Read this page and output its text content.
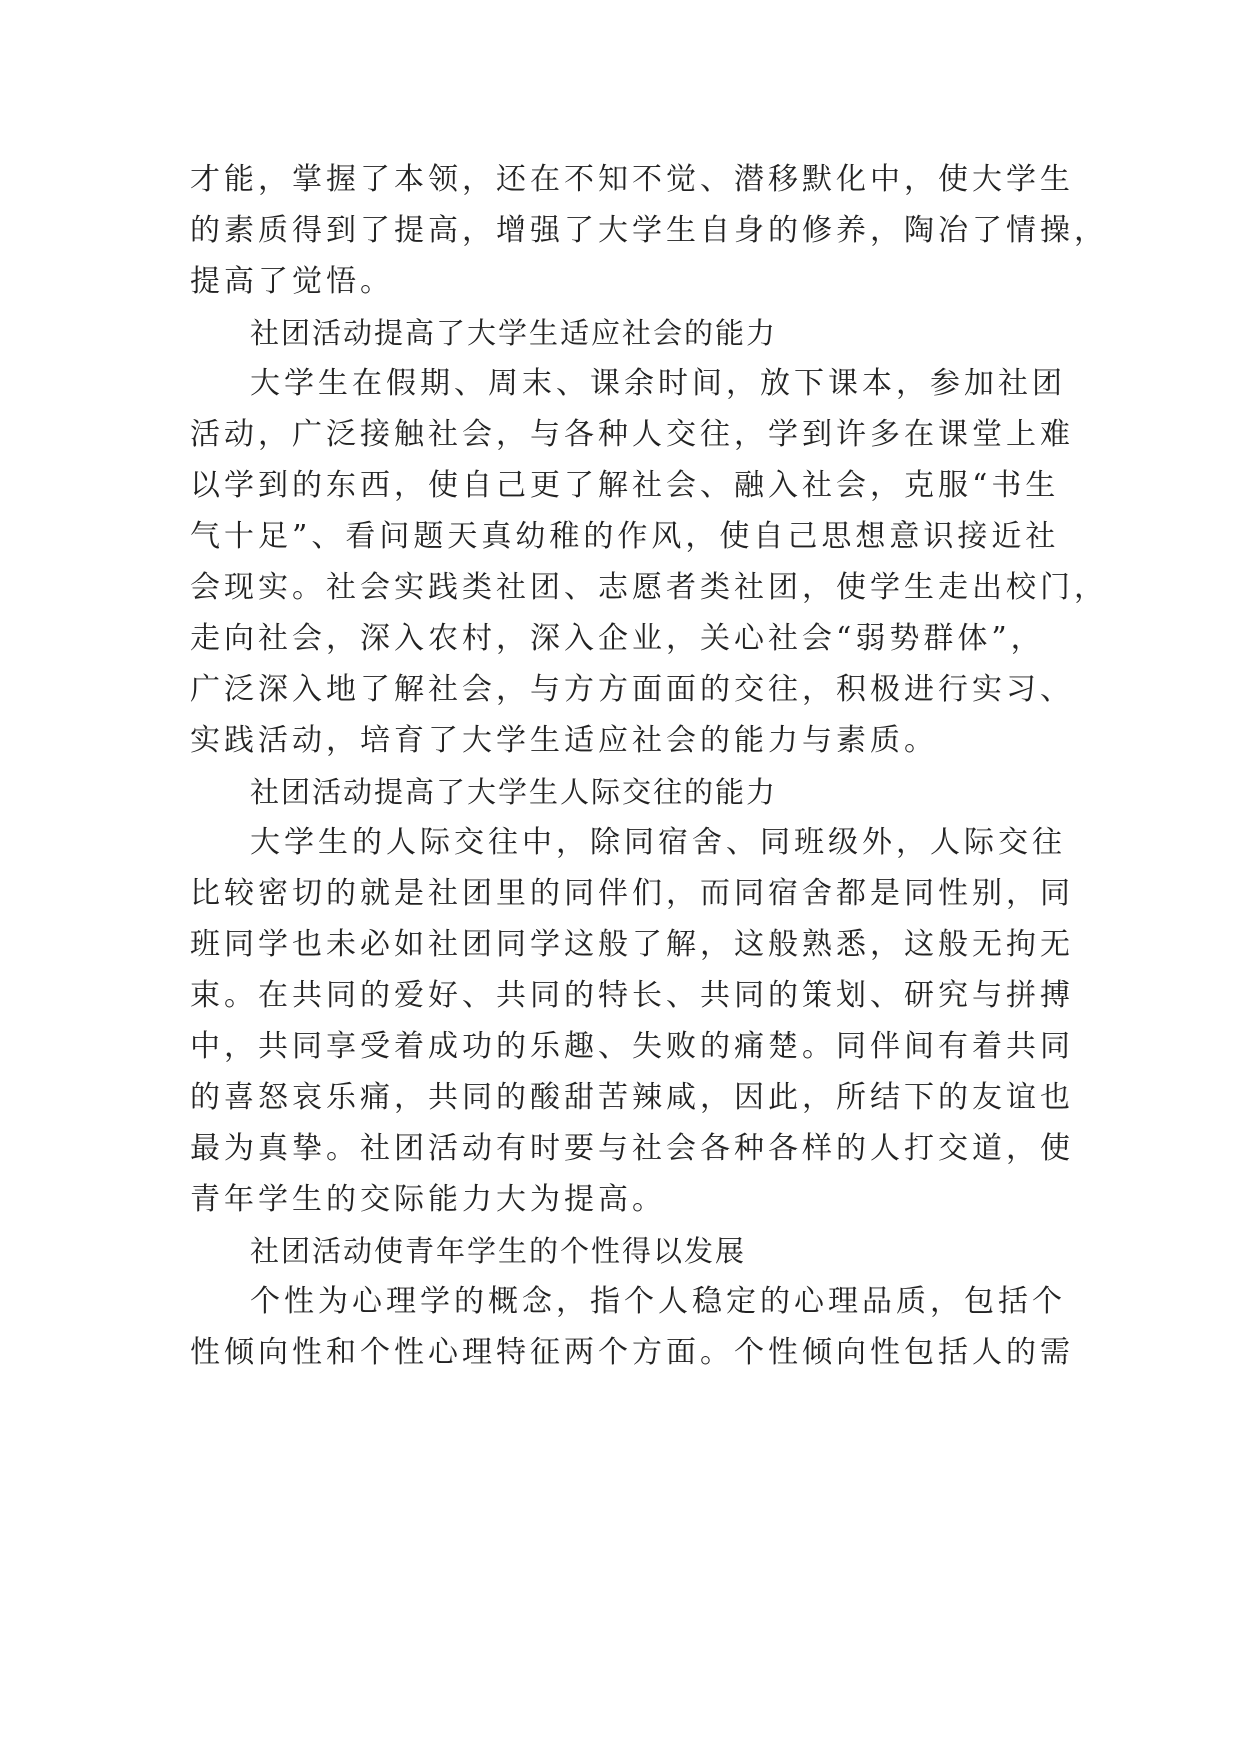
才能，掌握了本领，还在不知不觉、潜移默化中，使大学生
的素质得到了提高，增强了大学生自身的修养，陶冶了情操，
提高了觉悟。
社团活动提高了大学生适应社会的能力
大学生在假期、周末、课余时间，放下课本，参加社团
活动，广泛接触社会，与各种人交往，学到许多在课堂上难
以学到的东西，使自己更了解社会、融入社会，克服“书生
气十足”、看问题天真幼稚的作风，使自己思想意识接近社
会现实。社会实践类社团、志愿者类社团，使学生走出校门，
走向社会，深入农村，深入企业，关心社会“弱势群体”，
广泛深入地了解社会，与方方面面的交往，积极进行实习、
实践活动，培育了大学生适应社会的能力与素质。
社团活动提高了大学生人际交往的能力
大学生的人际交往中，除同宿舍、同班级外，人际交往
比较密切的就是社团里的同伴们，而同宿舍都是同性别，同
班同学也未必如社团同学这般了解，这般熟悉，这般无拘无
束。在共同的爱好、共同的特长、共同的策划、研究与拼搏
中，共同享受着成功的乐趣、失败的痛楚。同伴间有着共同
的喜怒哀乐痛，共同的酸甜苦辣咸，因此，所结下的友谊也
最为真挚。社团活动有时要与社会各种各样的人打交道，使
青年学生的交际能力大为提高。
社团活动使青年学生的个性得以发展
个性为心理学的概念，指个人稳定的心理品质，包括个
性倾向性和个性心理特征两个方面。个性倾向性包括人的需
